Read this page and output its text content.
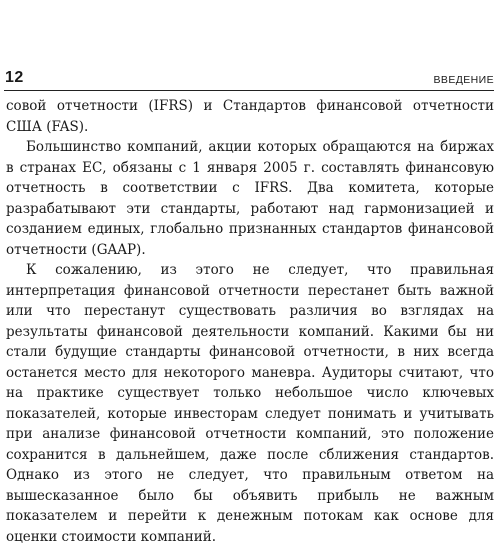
12	ВВЕДЕНИЕ

совой отчетности (IFRS) и Стандартов финансовой отчетности США (FAS).

Большинство компаний, акции которых обращаются на биржах в странах ЕС, обязаны с 1 января 2005 г. составлять финансовую отчетность в соответствии с IFRS. Два комитета, которые разрабатывают эти стандарты, работают над гармонизацией и созданием единых, глобально признанных стандартов финансовой отчетности (GAAP).

К сожалению, из этого не следует, что правильная интерпретация финансовой отчетности перестанет быть важной или что перестанут существовать различия во взглядах на результаты финансовой деятельности компаний. Какими бы ни стали будущие стандарты финансовой отчетности, в них всегда останется место для некоторого маневра. Аудиторы считают, что на практике существует только небольшое число ключевых показателей, которые инвесторам следует понимать и учитывать при анализе финансовой отчетности компаний, это положение сохранится в дальнейшем, даже после сближения стандартов. Однако из этого не следует, что правильным ответом на вышесказанное было бы объявить прибыль не важным показателем и перейти к денежным потокам как основе для оценки стоимости компаний.
